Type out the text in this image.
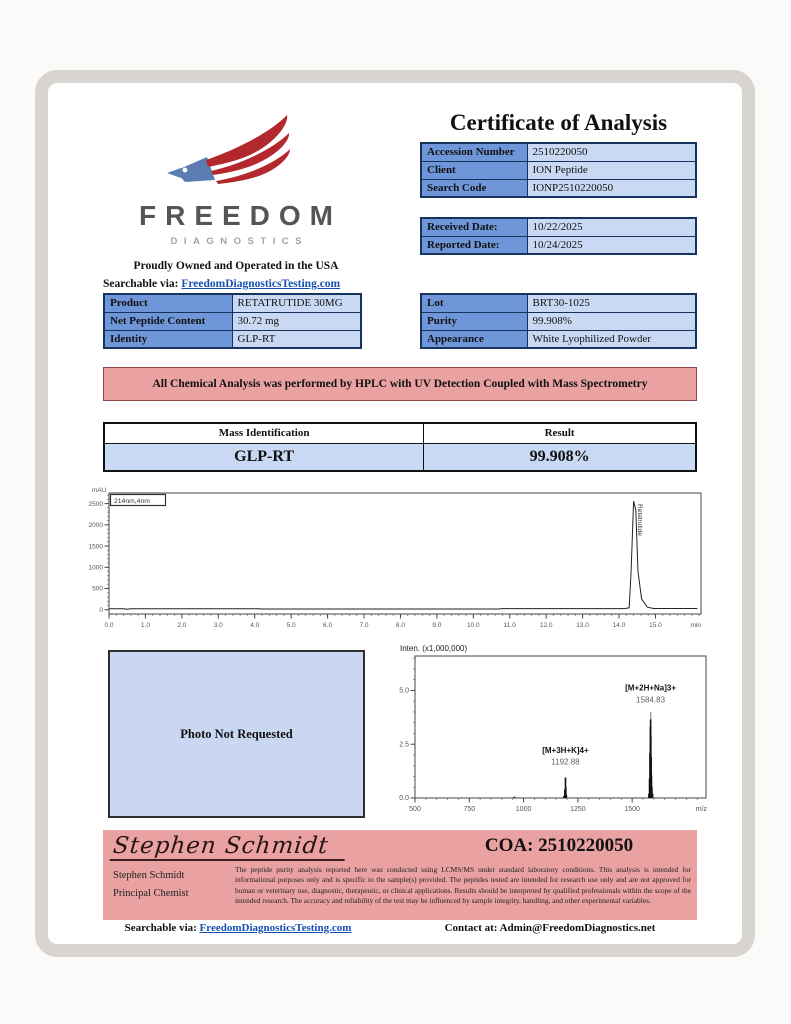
FREEDOM
DIAGNOSTICS
Proudly Owned and Operated in the USA
Searchable via: FreedomDiagnosticsTesting.com
Certificate of Analysis
Accession Number	2510220050
Client	ION Peptide
Search Code	IONP2510220050
Received Date:	10/22/2025
Reported Date:	10/24/2025
Product	RETATRUTIDE 30MG
Net Peptide Content	30.72 mg
Identity	GLP-RT
Lot	BRT30-1025
Purity	99.908%
Appearance	White Lyophilized Powder
All Chemical Analysis was performed by HPLC with UV Detection Coupled with Mass Spectrometry
Mass Identification	Result
GLP-RT	99.908%
0.0	1.0	2.0	3.0	4.0	5.0	6.0	7.0	8.0	9.0	10.0	11.0	12.0	13.0	14.0	15.0	min
0
500
1000
1500
2000
2500
mAU
214nm,4nm
Retatrutide
Photo Not Requested
Inten. (x1,000,000)
500	750	1000	1250	1500	m/z
0.0
2.5
5.0
[M+3H+K]4+
1192.88
[M+2H+Na]3+
1584.83
Stephen Schmidt
Stephen Schmidt
Principal Chemist
COA: 2510220050
The peptide purity analysis reported here was conducted using LCMS/MS under standard laboratory conditions. This analysis is intended for informational purposes only and is specific to the sample(s) provided. The peptides tested are intended for research use only and are not approved for human or veterinary use, diagnostic, therapeutic, or clinical applications. Results should be interpreted by qualified professionals within the scope of the intended research. The accuracy and reliability of the test may be influenced by sample integrity, handling, and other experimental variables.
Searchable via: FreedomDiagnosticsTesting.com	Contact at: Admin@FreedomDiagnostics.net
